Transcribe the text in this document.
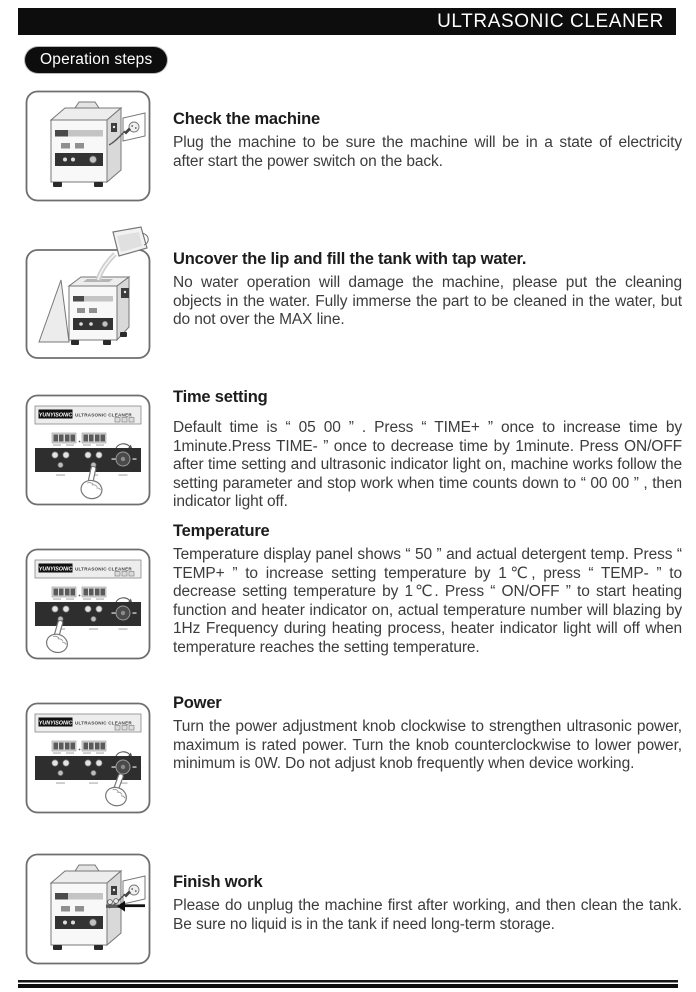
ULTRASONIC CLEANER
Operation steps
Check the machine

Plug the machine to be sure the machine will be in a state of electricity after start the power switch on the back.

Uncover the lip and fill the tank with tap water.

No water operation will damage the machine, please put the cleaning objects in the water. Fully immerse the part to be cleaned in the water, but do not over the MAX line.

YUNYISONIC ULTRASONIC CLEANER
Time setting

Default time is “ 05 00 ” . Press “ TIME+ ” once to increase time by 1minute.Press TIME- ” once to decrease time by 1minute. Press ON/OFF after time setting and ultrasonic indicator light on, machine works follow the setting parameter and stop work when time counts down to “ 00 00 ” , then indicator light off.

YUNYISONIC ULTRASONIC CLEANER
Temperature

Temperature display panel shows “ 50 ” and actual detergent temp. Press “ TEMP+ ” to increase setting temperature by 1℃, press “ TEMP- ” to decrease setting temperature by 1℃. Press “ ON/OFF ” to start heating function and heater indicator on, actual temperature number will blazing by 1Hz Frequency during heating process, heater indicator light will off when temperature reaches the setting temperature.

YUNYISONIC ULTRASONIC CLEANER
Power

Turn the power adjustment knob clockwise to strengthen ultrasonic power, maximum is rated power. Turn the knob counterclockwise to lower power, minimum is 0W. Do not adjust knob frequently when device working.

Finish work

Please do unplug the machine first after working, and then clean the tank. Be sure no liquid is in the tank if need long-term storage.
